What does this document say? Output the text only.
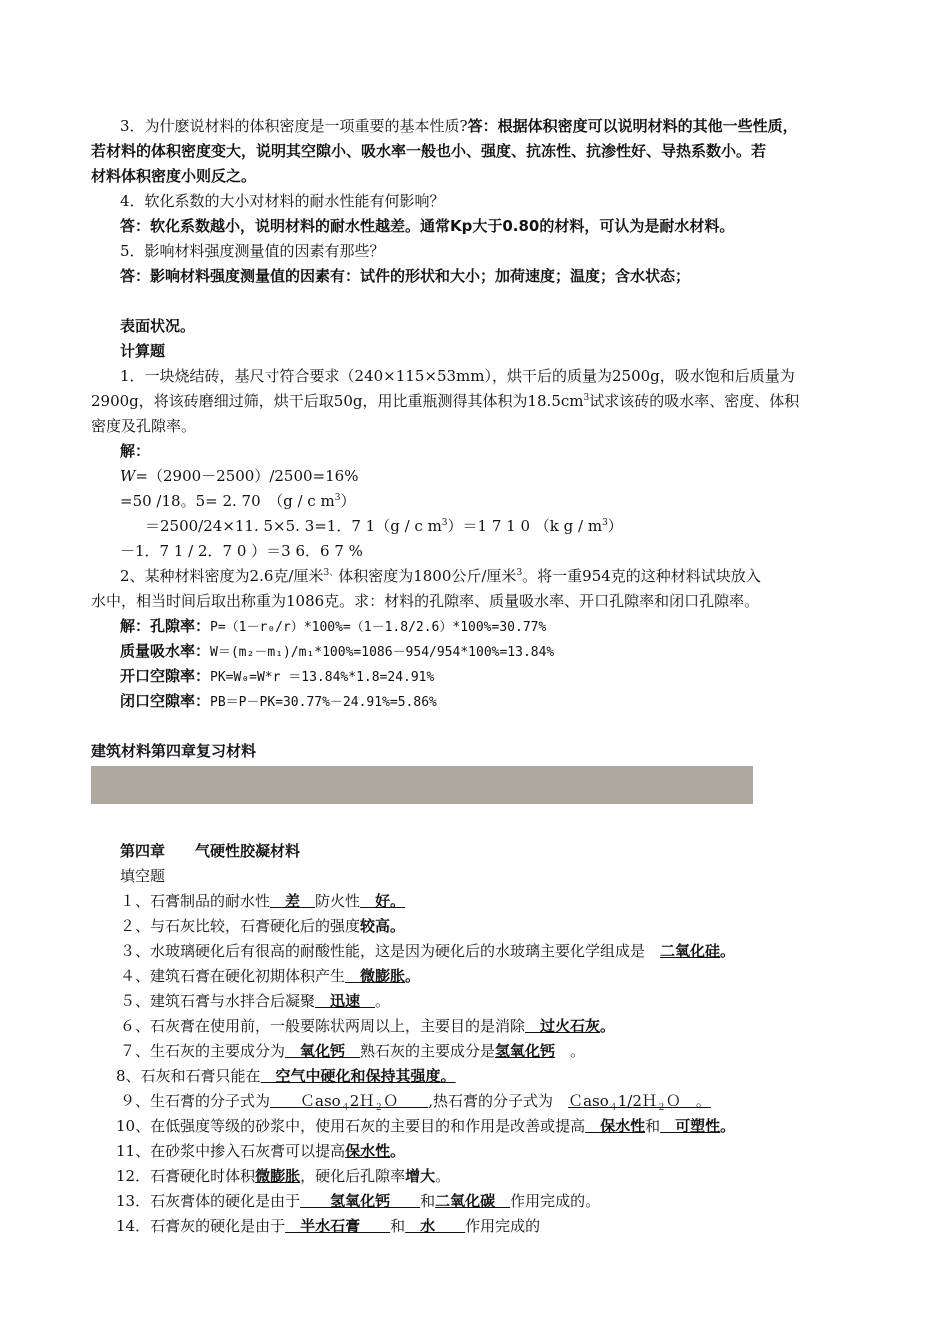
3．为什麽说材料的体积密度是一项重要的基本性质?答：根据体积密度可以说明材料的其他一些性质，
若材料的体积密度变大，说明其空隙小、吸水率一般也小、强度、抗冻性、抗渗性好、导热系数小。若
材料体积密度小则反之。
4．软化系数的大小对材料的耐水性能有何影响？
答：软化系数越小，说明材料的耐水性越差。通常Kp大于0.80的材料，可认为是耐水材料。
5．影响材料强度测量值的因素有那些？
答：影响材料强度测量值的因素有：试件的形状和大小；加荷速度；温度；含水状态；
表面状况。
计算题
1．一块烧结砖，基尺寸符合要求（240×115×53mm），烘干后的质量为2500g，吸水饱和后质量为
2900g，将该砖磨细过筛，烘干后取50g，用比重瓶测得其体积为$18.5cm^3$试求该砖的吸水率、密度、体积
密度及孔隙率。
解：
W=（2900－2500）/2500=16%
=50 /18。5= 2. 70　（g / c $m^3$）
＝2500/24×11. 5×5. 3=1．7 1（g / c $m^3)=1$ 7 1 0 （k g / $m^3$）
－1．7 1 / 2．7 0 ）＝3 6．6 7 %
2、某种材料密度为2.6克/厘米$^{3、}$体积密度为1800公斤/厘米$^3$。将一重954克的这种材料试块放入
水中，相当时间后取出称重为1086克。求：材料的孔隙率、质量吸水率、开口孔隙率和闭口孔隙率。
解：孔隙率：P=（1－r₀/r）*100%=（1－1.8/2.6）*100%=30.77%
质量吸水率：W＝(m₂－m₁)/m₁*100%=1086－954/954*100%=13.84%
开口空隙率：PK=W₀=W*r ＝13.84%*1.8=24.91%
闭口空隙率：PB＝P－PK=30.77%－24.91%=5.86%
建筑材料第四章复习材料
第四章　　气硬性胶凝材料
填空题
１、石膏制品的耐水性　差　防火性　好。
２、与石灰比较，石膏硬化后的强度较高。
３、水玻璃硬化后有很高的耐酸性能，这是因为硬化后的水玻璃主要化学组成是　二氧化硅。
４、建筑石膏在硬化初期体积产生　微膨胀。
５、建筑石膏与水拌合后凝聚　迅速　。
６、石灰膏在使用前，一般要陈状两周以上，主要目的是消除　过火石灰。
７、生石灰的主要成分为　氧化钙　熟石灰的主要成分是氢氧化钙　。
8、石灰和石膏只能在　空气中硬化和保持其强度。
９、生石膏的分子式为　　Ｃaso$_4$2Ｈ$_2$Ｏ　　,热石膏的分子式为　Ｃaso$_4$1/2Ｈ$_2$Ｏ　。
10、在低强度等级的砂浆中，使用石灰的主要目的和作用是改善或提高　保水性和　可塑性。
11、在砂浆中掺入石灰膏可以提高保水性。
12．石膏硬化时体积微膨胀，硬化后孔隙率增大。
13．石灰膏体的硬化是由于　　氢氧化钙　　和二氧化碳　作用完成的。
14．石膏灰的硬化是由于　半水石膏　　和　水　　作用完成的
